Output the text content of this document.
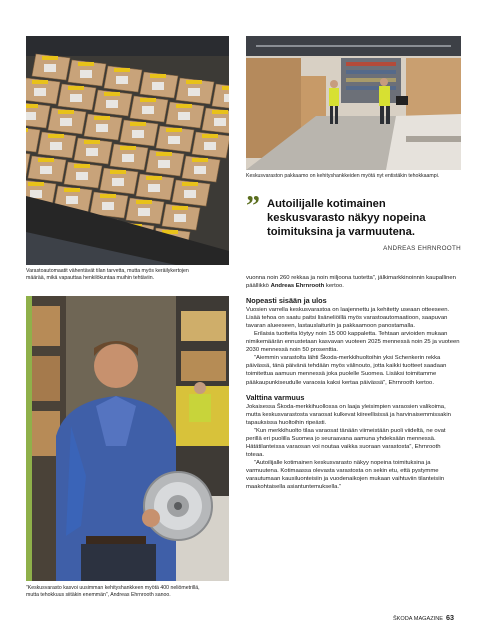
Keskusvaraston pakkaamo on kehityshankkeiden myötä nyt entistäkin tehokkaampi.
” Autoilijalle kotimainen
keskusvarasto näkyy nopeina
toimituksina ja varmuutena.
ANDREAS EHRNROOTH
Varastoautomaatit vähentävät tilan tarvetta, mutta myös keräilykertojen
määrää, mikä vapauttaa henkilökuntaa muihin tehtäviin.
”Keskusvarasto kasvoi uusimman kehityshankkeen myötä 400 neliömetrillä,
mutta tehokkuus siitäkin enemmän”, Andreas Ehrnrooth sanoo.

vuonna noin 260 rekkaa ja noin miljoona tuotetta”, jälkimarkkinoinnin kaupallinen päällikkö Andreas Ehrnrooth kertoo.

Nopeasti sisään ja ulos

Vuosien varrella keskusvarastoa on laajennettu ja kehitetty useaan otteeseen. Lisää tehoa on saatu paitsi lisäneliöillä myös varastoautomaatioon, saapuvan tavaran alueeseen, lastauslaituriin ja pakkaamoon panostamalla.

Erilaisia tuotteita löytyy noin 15 000 kappaletta. Tehtaan arvioiden mukaan nimikemäärän ennustetaan kasvavan vuoteen 2025 mennessä noin 25 ja vuoteen 2030 mennessä noin 50 prosenttia.

”Aiemmin varastolta lähti Škoda-merkkihuoltoihin yksi Schenkerin rekka päivässä, tänä päivänä tehdään myös välinouto, jotta kaikki tuotteet saadaan toimitettua aamuun mennessä joka puolelle Suomea. Lisäksi toimitamme pääkaupunkiseudulle varaosia kaksi kertaa päivässä”, Ehrnrooth kertoo.

Valttina varmuus

Jokaisessa Škoda-merkkihuollossa on laaja yleisimpien varaosien valikoima, mutta keskusvarastosta varaosat kulkevat kiireellisissä ja harvinaisemmissakin tapauksissa huoltoihin ripeästi.

”Kun merkkihuolto tilaa varaosat tänään viimeistään puoli viideltä, ne ovat perillä eri puolilla Suomea jo seuraavana aamuna yhdeksään mennessä. Hätätilanteissa varaosan voi noutaa vaikka suoraan varastosta”, Ehrnrooth toteaa.

”Autoilijalle kotimainen keskusvarasto näkyy nopeina toimituksina ja varmuutena. Kotimaassa olevasta varastosta on sekin etu, että pystymme varautumaan kausiluonteisiin ja vuodenaikojen mukaan vaihtuviin tilanteisiin maakohtaisella asiantuntemuksella.”

ŠKODA MAGAZINE 63
